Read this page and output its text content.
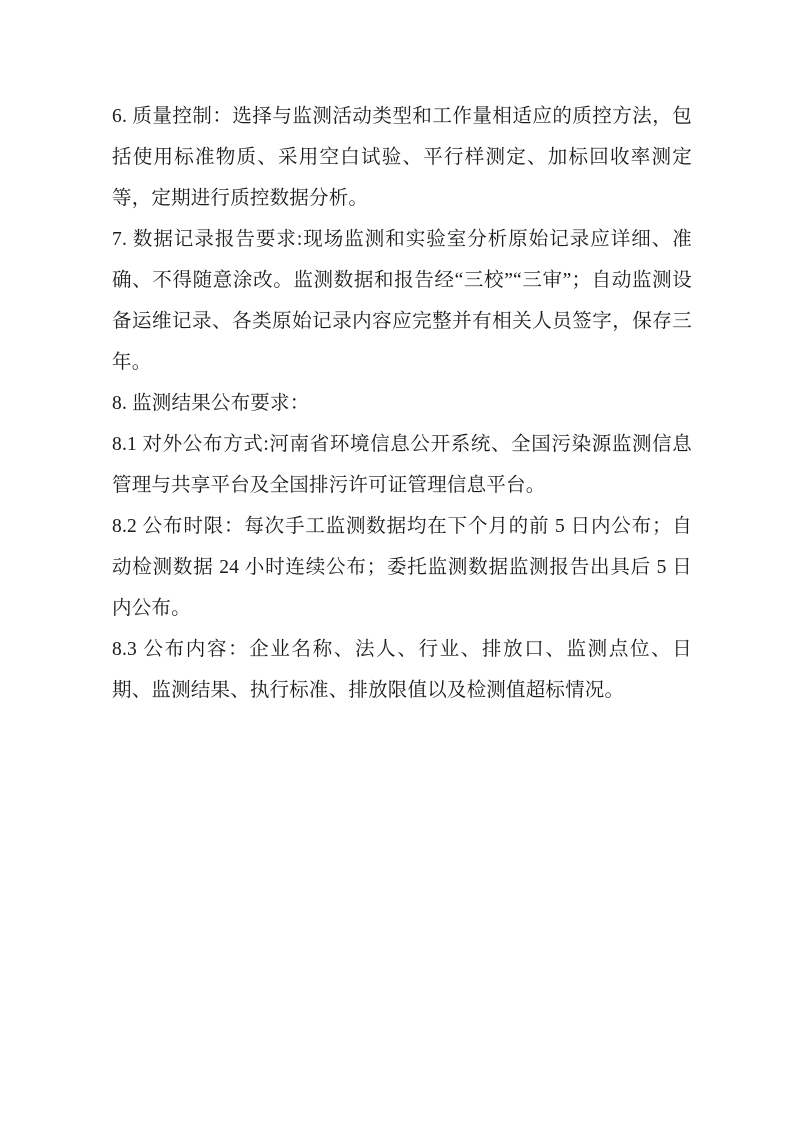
6. 质量控制：选择与监测活动类型和工作量相适应的质控方法，包括使用标准物质、采用空白试验、平行样测定、加标回收率测定等，定期进行质控数据分析。

7. 数据记录报告要求:现场监测和实验室分析原始记录应详细、准确、不得随意涂改。监测数据和报告经“三校”“三审”；自动监测设备运维记录、各类原始记录内容应完整并有相关人员签字，保存三年。

8. 监测结果公布要求：

8.1 对外公布方式:河南省环境信息公开系统、全国污染源监测信息管理与共享平台及全国排污许可证管理信息平台。

8.2 公布时限：每次手工监测数据均在下个月的前 5 日内公布；自动检测数据 24 小时连续公布；委托监测数据监测报告出具后 5 日内公布。

8.3 公布内容：企业名称、法人、行业、排放口、监测点位、日期、监测结果、执行标准、排放限值以及检测值超标情况。
